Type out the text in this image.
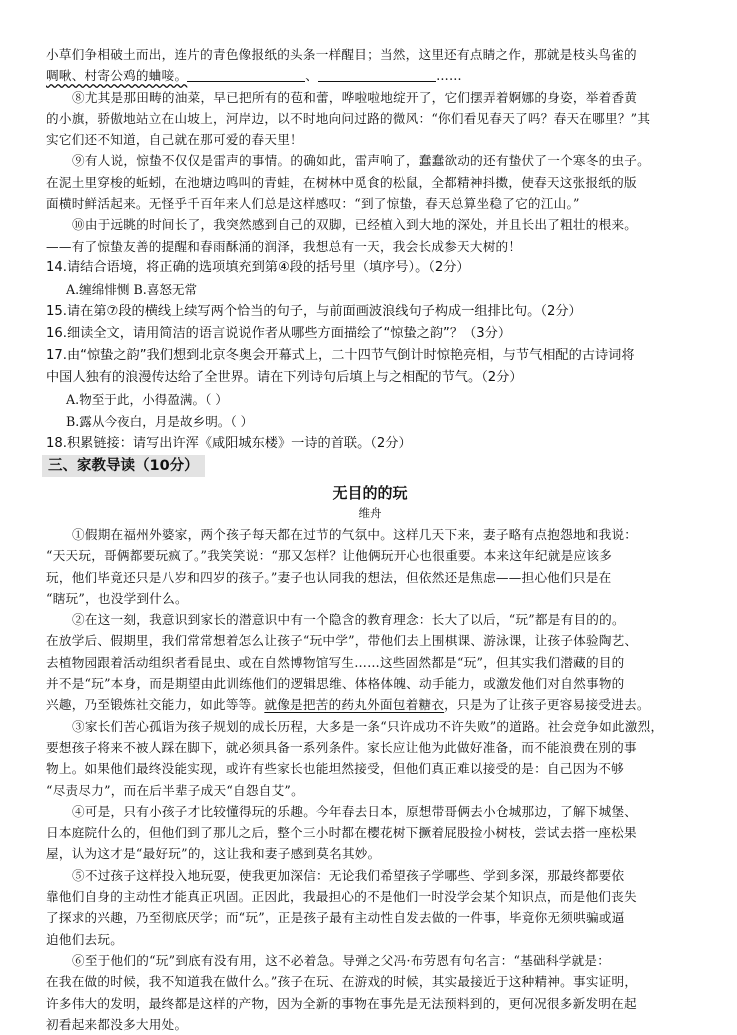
小草们争相破土而出，连片的青色像报纸的头条一样醒目；当然，这里还有点睛之作，那就是枝头鸟雀的
啁啾、村寄公鸡的蛐唼。	、	……
⑧尤其是那田畴的油菜，早已把所有的苞和蕾，哗啦啦地绽开了，它们摆弄着婀娜的身姿，举着香黄
的小旗，骄傲地站立在山坡上，河岸边，以不时地向问过路的微风：“你们看见春天了吗？春天在哪里？”其
实它们还不知道，自己就在那可爱的春天里！
⑨有人说，惊蛰不仅仅是雷声的事情。的确如此，雷声响了，蠢蠢欲动的还有蛰伏了一个寒冬的虫子。
在泥土里穿梭的蚯蚓，在池塘边鸣叫的青蛙，在树林中觅食的松鼠，全都精神抖擞，使春天这张报纸的版
面横时鲜活起来。无怪乎千百年来人们总是这样感叹：“到了惊蛰，春天总算坐稳了它的江山。”
⑩由于远眺的时间长了，我突然感到自己的双脚，已经植入到大地的深处，并且长出了粗壮的根来。
——有了惊蛰友善的提醒和春雨酥涌的润泽，我想总有一天，我会长成参天大树的！
14.请结合语境，将正确的选项填充到第④段的括号里（填序号）。（2分）
A.缠绵悱恻 B.喜怒无常
15.请在第⑦段的横线上续写两个恰当的句子，与前面画波浪线句子构成一组排比句。（2分）
16.细读全文，请用简洁的语言说说作者从哪些方面描绘了“惊蛰之韵”？（3分）
17.由“惊蛰之韵”我们想到北京冬奥会开幕式上，二十四节气倒计时惊艳亮相，与节气相配的古诗词将
中国人独有的浪漫传达给了全世界。请在下列诗句后填上与之相配的节气。（2分）
A.物至于此，小得盈满。（ ）
B.露从今夜白，月是故乡明。（ ）
18.积累链接：请写出许浑《咸阳城东楼》一诗的首联。（2分）
三、家教导读（10分）
无目的的玩
维舟
①假期在福州外婆家，两个孩子每天都在过节的气氛中。这样几天下来，妻子略有点抱怨地和我说：
“天天玩，哥俩都要玩疯了。”我笑笑说：“那又怎样？让他俩玩开心也很重要。本来这年纪就是应该多
玩，他们毕竟还只是八岁和四岁的孩子。”妻子也认同我的想法，但依然还是焦虑——担心他们只是在
“瞎玩”，也没学到什么。
②在这一刻，我意识到家长的潜意识中有一个隐含的教育理念：长大了以后，“玩”都是有目的的。
在放学后、假期里，我们常常想着怎么让孩子“玩中学”，带他们去上围棋课、游泳课，让孩子体验陶艺、
去植物园跟着活动组织者看昆虫、或在自然博物馆写生……这些固然都是“玩”，但其实我们潜藏的目的
并不是“玩”本身，而是期望由此训练他们的逻辑思维、体格体魄、动手能力，或激发他们对自然事物的
兴趣，乃至锻炼社交能力，如此等等。就像是把苦的药丸外面包着糖衣，只是为了让孩子更容易接受进去。
③家长们苦心孤诣为孩子规划的成长历程，大多是一条“只许成功不许失败”的道路。社会竞争如此激烈，
要想孩子将来不被人踩在脚下，就必须具备一系列条件。家长应让他为此做好准备，而不能浪费在別的事
物上。如果他们最终没能实现，或许有些家长也能坦然接受，但他们真正难以接受的是：自己因为不够
“尽责尽力”，而在后半辈子成天“自怨自艾”。
④可是，只有小孩子才比较懂得玩的乐趣。今年春去日本，原想带哥俩去小仓城那边，了解下城堡、
日本庭院什么的，但他们到了那儿之后，整个三小时都在樱花树下撅着屁股捡小树枝，尝试去搭一座松果
屋，认为这才是“最好玩”的，这让我和妻子感到莫名其妙。
⑤不过孩子这样投入地玩耍，使我更加深信：无论我们希望孩子学哪些、学到多深，那最终都要依
靠他们自身的主动性才能真正巩固。正因此，我最担心的不是他们一时没学会某个知识点，而是他们丧失
了探求的兴趣，乃至彻底厌学；而“玩”，正是孩子最有主动性自发去做的一件事，毕竟你无须哄骗或逼
迫他们去玩。
⑥至于他们的“玩”到底有没有用，这不必着急。导弹之父冯·布劳恩有句名言：“基础科学就是：
在我在做的时候，我不知道我在做什么。”孩子在玩、在游戏的时候，其实最接近于这种精神。事实证明，
许多伟大的发明，最终都是这样的产物，因为全新的事物在事先是无法预料到的，更何况很多新发明在起
初看起来都没多大用处。
